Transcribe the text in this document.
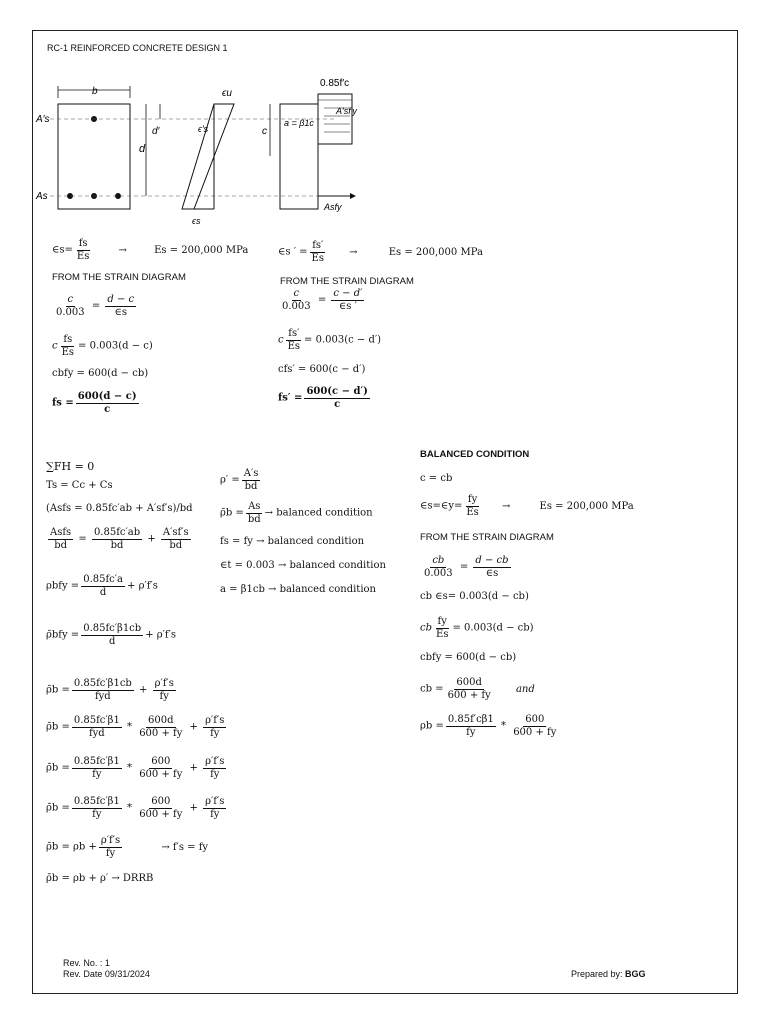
RC-1 REINFORCED CONCRETE DESIGN 1
b
A′s
As
d′
d
ϵu
ϵ′s
ϵs
0.85f′c
a = β1c
c
A′sf′y
Asfy
∈s= $\frac{fs}{Es}$	→	Es = 200,000 MPa
FROM THE STRAIN DIAGRAM
$\frac{c}{0.003} = \frac{d - c}{\in s}$
c $\frac{fs}{Es} = 0.003(d - c)$
cbfy = 600(d − cb)
fs = $\frac{600(d - c)}{c}$
∈s ′ = $\frac{fs'}{Es}$ →	Es = 200,000 MPa
FROM THE STRAIN DIAGRAM
$\frac{c}{0.003} = \frac{c - d'}{\in s '}$
c $\frac{fs'}{Es} = 0.003(c - d')$
cfs′ = 600(c − d′)
$fs' = \frac{600(c - d')}{c}$
∑FH = 0
Ts = Cc + Cs
(Asfs = 0.85fc′ab + A′sf′s)/bd
$\frac{\text{Asfs}}{bd} = \frac{0.85fc'ab}{bd} + \frac{A'sf's}{bd}$
$\rho bfy = \frac{0.85fc'a}{d} + \rho'f's$
ρ̄bfy = $\frac{0.85fc'\beta 1cb}{d} + \rho'f's$
ρ̄b = $\frac{0.85fc'\beta 1cb}{\text{fyd}} + \frac{\rho'f's}{fy}$
ρ̄b = $\frac{0.85fc'\beta 1}{\text{fyd}} * \frac{600d}{600 + fy} + \frac{\rho'f's}{fy}$
ρ̄b = $\frac{0.85fc'\beta 1}{fy} * \frac{600}{600 + fy} + \frac{\rho'f's}{fy}$
ρ̄b = $\frac{0.85fc'\beta 1}{fy} * \frac{600}{600 + fy} + \frac{\rho'f's}{fy}$
ρ̄b = $\rho b + \frac{\rho'f's}{fy}$	→ f′s = fy
ρ̄b = ρb + ρ′ → DRRB
$\rho' = \frac{A's}{bd}$
ρ̄b = $\frac{As}{bd}$ → balanced condition
fs = fy → balanced condition
∈t = 0.003 → balanced condition
a = β1cb → balanced condition
BALANCED CONDITION
c = cb
∈s=∈y= $\frac{fy}{Es}$ →	Es = 200,000 MPa
FROM THE STRAIN DIAGRAM
$\frac{cb}{0.003} = \frac{d - cb}{\in s}$
cb ∈s= 0.003(d − cb)
cb $\frac{fy}{Es} = 0.003(d - cb)$
cbfy = 600(d − cb)
cb = $\frac{600d}{600 + fy}$ and
$\rho b = \frac{0.85f'c\beta 1}{fy} * \frac{600}{600 + fy}$
Rev. No. : 1
Rev. Date 09/31/2024	Prepared by: BGG
